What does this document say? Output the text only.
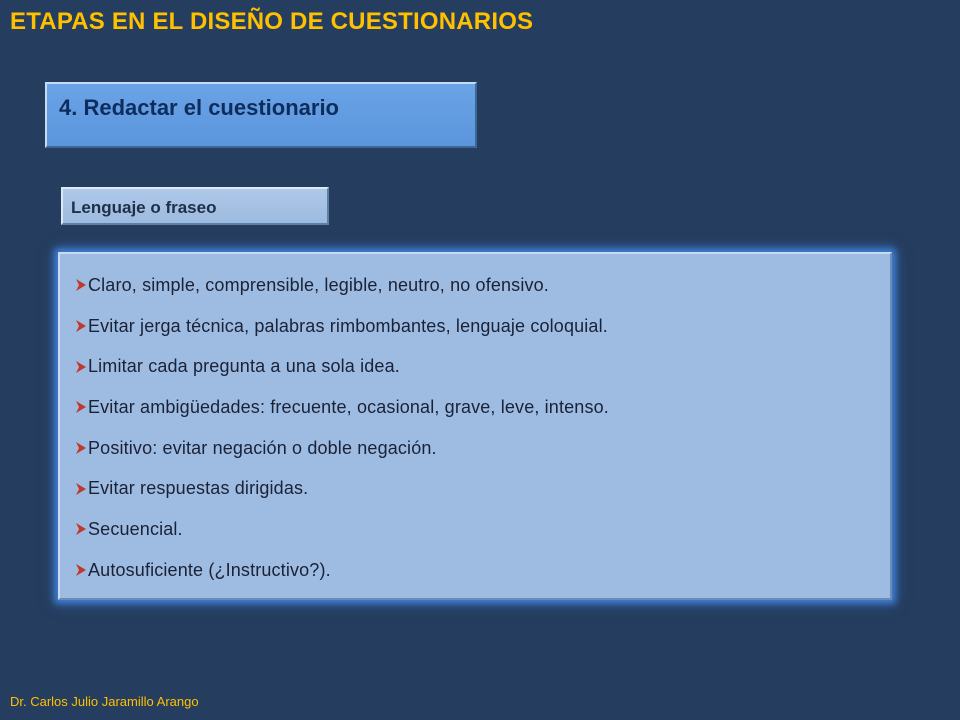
ETAPAS EN EL DISEÑO DE CUESTIONARIOS
4. Redactar el cuestionario
Lenguaje o fraseo
Claro, simple, comprensible, legible, neutro, no ofensivo.
Evitar jerga técnica, palabras rimbombantes, lenguaje coloquial.
Limitar cada pregunta a una sola idea.
Evitar ambigüedades: frecuente, ocasional, grave, leve, intenso.
Positivo: evitar negación o doble negación.
Evitar respuestas dirigidas.
Secuencial.
Autosuficiente (¿Instructivo?).
Dr. Carlos Julio Jaramillo Arango
